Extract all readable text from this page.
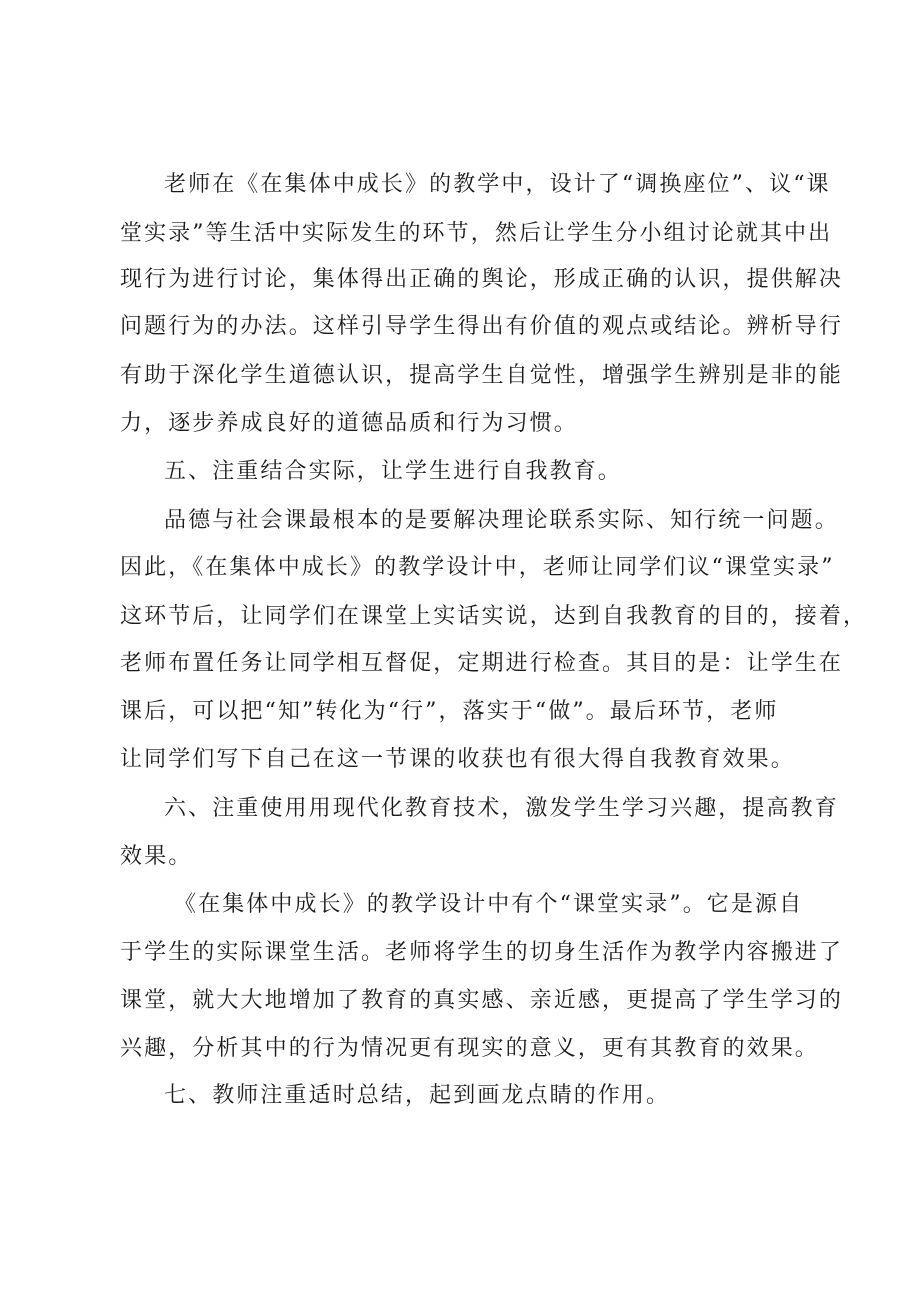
老师在《在集体中成长》的教学中，设计了“调换座位”、议“课
堂实录”等生活中实际发生的环节，然后让学生分小组讨论就其中出
现行为进行讨论，集体得出正确的舆论，形成正确的认识，提供解决
问题行为的办法。这样引导学生得出有价值的观点或结论。辨析导行
有助于深化学生道德认识，提高学生自觉性，增强学生辨别是非的能
力，逐步养成良好的道德品质和行为习惯。
五、注重结合实际，让学生进行自我教育。
品德与社会课最根本的是要解决理论联系实际、知行统一问题。
因此，《在集体中成长》的教学设计中，老师让同学们议“课堂实录”
这环节后，让同学们在课堂上实话实说，达到自我教育的目的，接着，
老师布置任务让同学相互督促，定期进行检查。其目的是：让学生在
课后，可以把“知”转化为“行”，落实于“做”。最后环节，老师
让同学们写下自己在这一节课的收获也有很大得自我教育效果。
六、注重使用用现代化教育技术，激发学生学习兴趣，提高教育
效果。
《在集体中成长》的教学设计中有个“课堂实录”。它是源自
于学生的实际课堂生活。老师将学生的切身生活作为教学内容搬进了
课堂，就大大地增加了教育的真实感、亲近感，更提高了学生学习的
兴趣，分析其中的行为情况更有现实的意义，更有其教育的效果。
七、教师注重适时总结，起到画龙点睛的作用。
